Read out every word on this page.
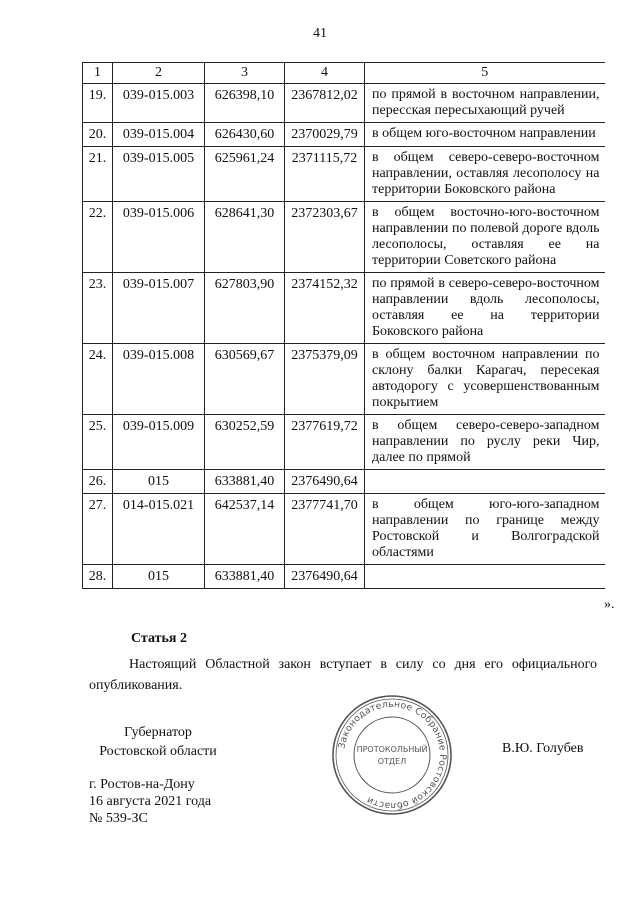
41
1	2	3	4	5
19.	039-015.003	626398,10	2367812,02	по прямой в восточном направлении, пересская пересыхающий ручей
20.	039-015.004	626430,60	2370029,79	в общем юго-восточном направлении
21.	039-015.005	625961,24	2371115,72	в общем северо-северо-восточном направлении, оставляя лесополосу на территории Боковского района
22.	039-015.006	628641,30	2372303,67	в общем восточно-юго-восточном направлении по полевой дороге вдоль лесополосы, оставляя ее на территории Советского района
23.	039-015.007	627803,90	2374152,32	по прямой в северо-северо-восточном направлении вдоль лесополосы, оставляя ее на территории Боковского района
24.	039-015.008	630569,67	2375379,09	в общем восточном направлении по склону балки Карагач, пересекая автодорогу с усовершенствованным покрытием
25.	039-015.009	630252,59	2377619,72	в общем северо-северо-западном направлении по руслу реки Чир, далее по прямой
26.	015	633881,40	2376490,64	
27.	014-015.021	642537,14	2377741,70	в общем юго-юго-западном направлении по границе между Ростовской и Волгоградской областями
28.	015	633881,40	2376490,64	
».
Статья 2
Настоящий Областной закон вступает в силу со дня его официального опубликования.
Губернатор
Ростовской области	Законодательное Собрание Ростовской области
ПРОТОКОЛЬНЫЙ
ОТДЕЛ
В.Ю. Голубев
г. Ростов-на-Дону
16 августа 2021 года
№ 539-ЗС
